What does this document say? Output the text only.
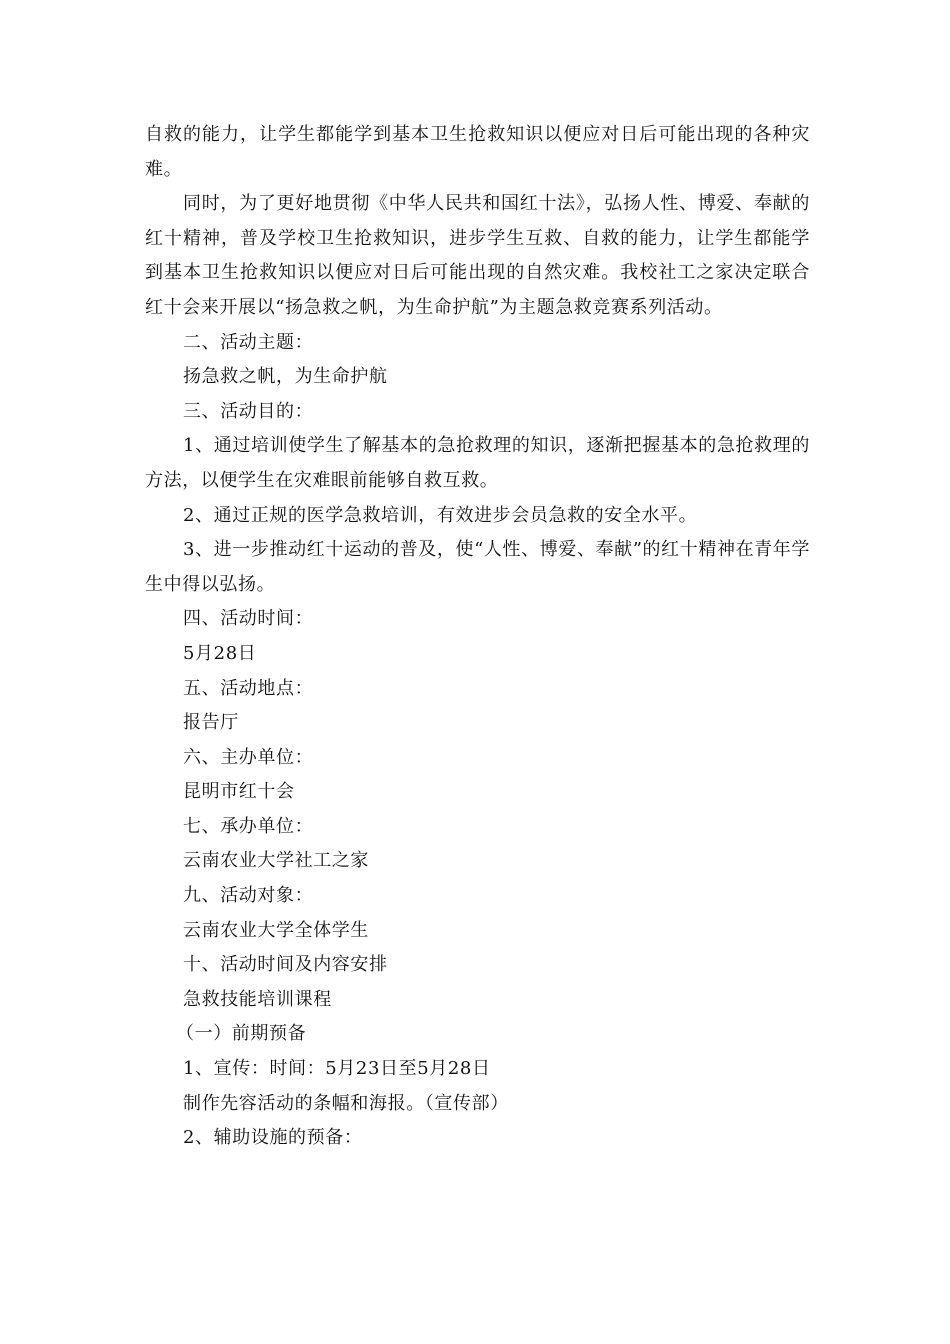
自救的能力，让学生都能学到基本卫生抢救知识以便应对日后可能出现的各种灾难。

同时，为了更好地贯彻《中华人民共和国红十法》，弘扬人性、博爱、奉献的红十精神，普及学校卫生抢救知识，进步学生互救、自救的能力，让学生都能学到基本卫生抢救知识以便应对日后可能出现的自然灾难。我校社工之家决定联合红十会来开展以“扬急救之帆，为生命护航”为主题急救竞赛系列活动。

二、活动主题：

扬急救之帆，为生命护航

三、活动目的：

1、通过培训使学生了解基本的急抢救理的知识，逐渐把握基本的急抢救理的方法，以便学生在灾难眼前能够自救互救。

2、通过正规的医学急救培训，有效进步会员急救的安全水平。

3、进一步推动红十运动的普及，使“人性、博爱、奉献”的红十精神在青年学生中得以弘扬。

四、活动时间：

5月28日

五、活动地点：

报告厅

六、主办单位：

昆明市红十会

七、承办单位：

云南农业大学社工之家

九、活动对象：

云南农业大学全体学生

十、活动时间及内容安排

急救技能培训课程

（一）前期预备

1、宣传：时间：5月23日至5月28日

制作先容活动的条幅和海报。（宣传部）

2、辅助设施的预备：
